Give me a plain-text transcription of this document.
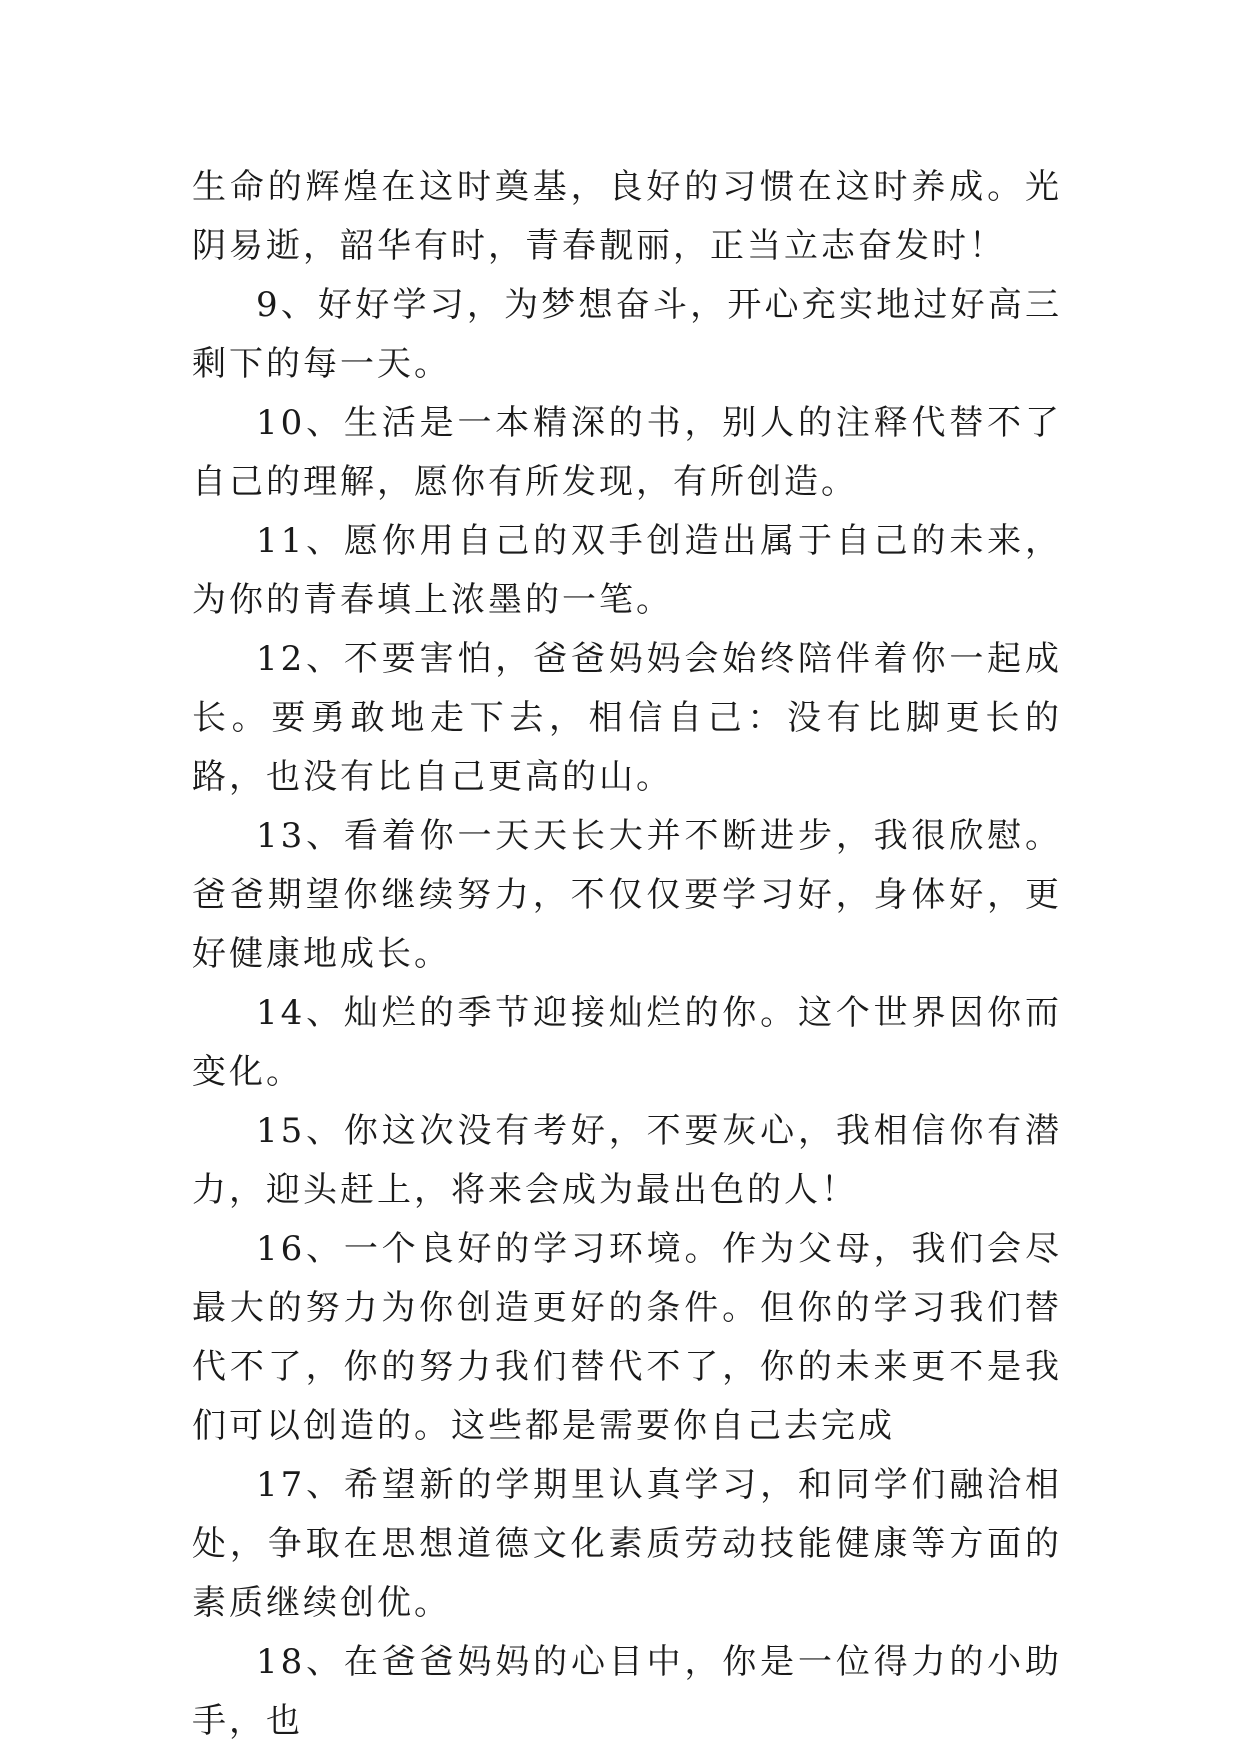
生命的辉煌在这时奠基，良好的习惯在这时养成。光阴易逝，韶华有时，青春靓丽，正当立志奋发时！

9、好好学习，为梦想奋斗，开心充实地过好高三剩下的每一天。

10、生活是一本精深的书，别人的注释代替不了自己的理解，愿你有所发现，有所创造。

11、愿你用自己的双手创造出属于自己的未来，为你的青春填上浓墨的一笔。

12、不要害怕，爸爸妈妈会始终陪伴着你一起成长。要勇敢地走下去，相信自己：没有比脚更长的路，也没有比自己更高的山。

13、看着你一天天长大并不断进步，我很欣慰。爸爸期望你继续努力，不仅仅要学习好，身体好，更好健康地成长。

14、灿烂的季节迎接灿烂的你。这个世界因你而变化。

15、你这次没有考好，不要灰心，我相信你有潜力，迎头赶上，将来会成为最出色的人！

16、一个良好的学习环境。作为父母，我们会尽最大的努力为你创造更好的条件。但你的学习我们替代不了，你的努力我们替代不了，你的未来更不是我们可以创造的。这些都是需要你自己去完成

17、希望新的学期里认真学习，和同学们融洽相处，争取在思想道德文化素质劳动技能健康等方面的素质继续创优。

18、在爸爸妈妈的心目中，你是一位得力的小助手，也
